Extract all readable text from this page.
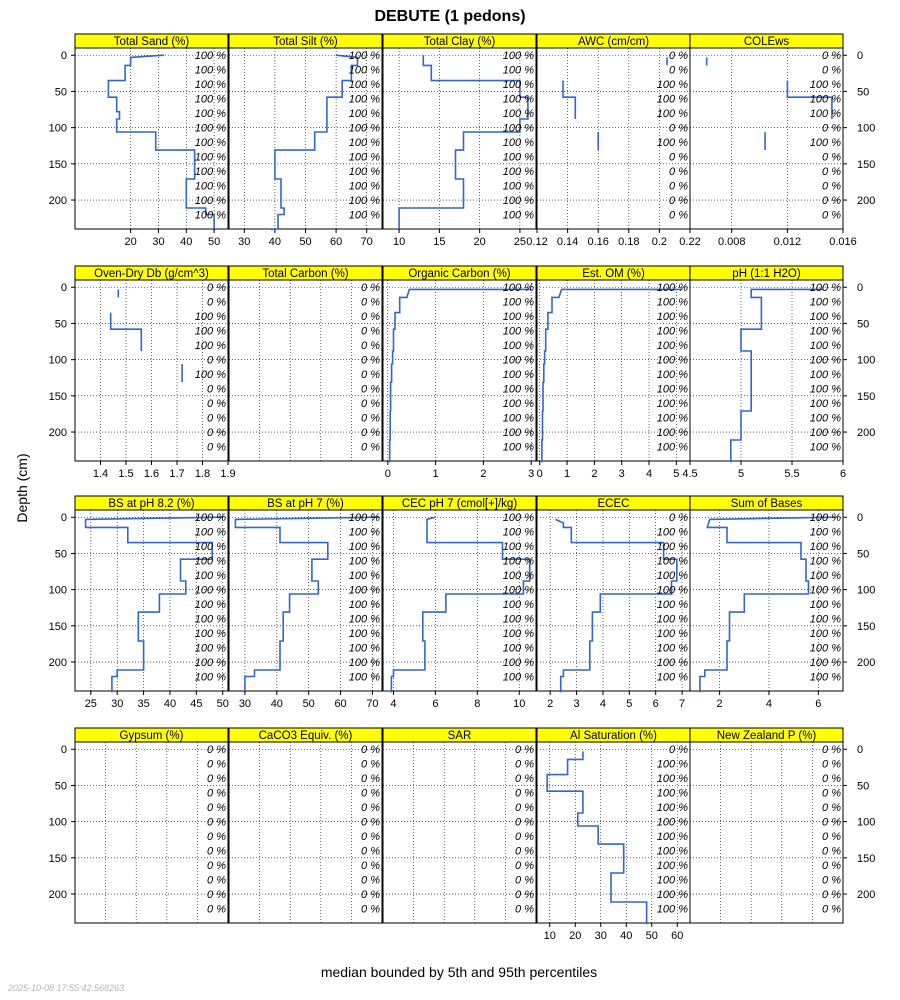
DEBUTE (1 pedons)
Depth (cm)
median bounded by 5th and 95th percentiles
2025-10-08 17:55:42.568263
Total Sand (%)
100 %
100 %
100 %
100 %
100 %
100 %
100 %
100 %
100 %
100 %
100 %
100 %
20 30 40 50
0
50
100
150
200
Total Silt (%)
100 %
100 %
100 %
100 %
100 %
100 %
100 %
100 %
100 %
100 %
100 %
100 %
30 40 50 60 70
Total Clay (%)
100 %
100 %
100 %
100 %
100 %
100 %
100 %
100 %
100 %
100 %
100 %
100 %
10	15	20	25
AWC (cm/cm)
0 %
0 %
100 %
100 %
100 %
0 %
100 %
0 %
0 %
0 %
0 %
0 %
0.12 0.14 0.16 0.18 0.2 0.22
COLEws
0 %
0 %
100 %
100 %
100 %
0 %
100 %
0 %
0 %
0 %
0 %
0 %
0.008	0.012	0.016
0
50
100
150
200
Oven-Dry Db (g/cm^3)
0 %
0 %
100 %
100 %
100 %
0 %
100 %
0 %
0 %
0 %
0 %
0 %
1.4 1.5 1.6 1.7 1.8 1.9
0
50
100
150
200
Total Carbon (%)
0 %
0 %
0 %
0 %
0 %
0 %
0 %
0 %
0 %
0 %
0 %
0 %
Organic Carbon (%)
100 %
100 %
100 %
100 %
100 %
100 %
100 %
100 %
100 %
100 %
100 %
100 %
0	1	2	3
Est. OM (%)
100 %
100 %
100 %
100 %
100 %
100 %
100 %
100 %
100 %
100 %
100 %
100 %
0 1 2 3 4 5
pH (1:1 H2O)
100 %
100 %
100 %
100 %
100 %
100 %
100 %
100 %
100 %
100 %
100 %
100 %
4.5	5	5.5	6
0
50
100
150
200
BS at pH 8.2 (%)
100 %
100 %
100 %
100 %
100 %
100 %
100 %
100 %
100 %
100 %
100 %
100 %
25 30 35 40 45 50
0
50
100
150
200
BS at pH 7 (%)
100 %
100 %
100 %
100 %
100 %
100 %
100 %
100 %
100 %
100 %
100 %
100 %
30 40 50 60 70
CEC pH 7 (cmol[+]/kg)
100 %
100 %
100 %
100 %
100 %
100 %
100 %
100 %
100 %
100 %
100 %
100 %
4	6	8	10
ECEC
0 %
100 %
100 %
100 %
100 %
100 %
100 %
100 %
100 %
100 %
100 %
100 %
2 3 4 5 6 7
Sum of Bases
100 %
100 %
100 %
100 %
100 %
100 %
100 %
100 %
100 %
100 %
100 %
100 %
2	4	6
0
50
100
150
200
Gypsum (%)
0 %
0 %
0 %
0 %
0 %
0 %
0 %
0 %
0 %
0 %
0 %
0 %
0
50
100
150
200
CaCO3 Equiv. (%)
0 %
0 %
0 %
0 %
0 %
0 %
0 %
0 %
0 %
0 %
0 %
0 %
SAR
0 %
0 %
0 %
0 %
0 %
0 %
0 %
0 %
0 %
0 %
0 %
0 %
Al Saturation (%)
0 %
100 %
100 %
100 %
100 %
100 %
100 %
100 %
100 %
100 %
100 %
100 %
10 20 30 40 50 60
New Zealand P (%)
0 %
0 %
0 %
0 %
0 %
0 %
0 %
0 %
0 %
0 %
0 %
0 %
0
50
100
150
200
